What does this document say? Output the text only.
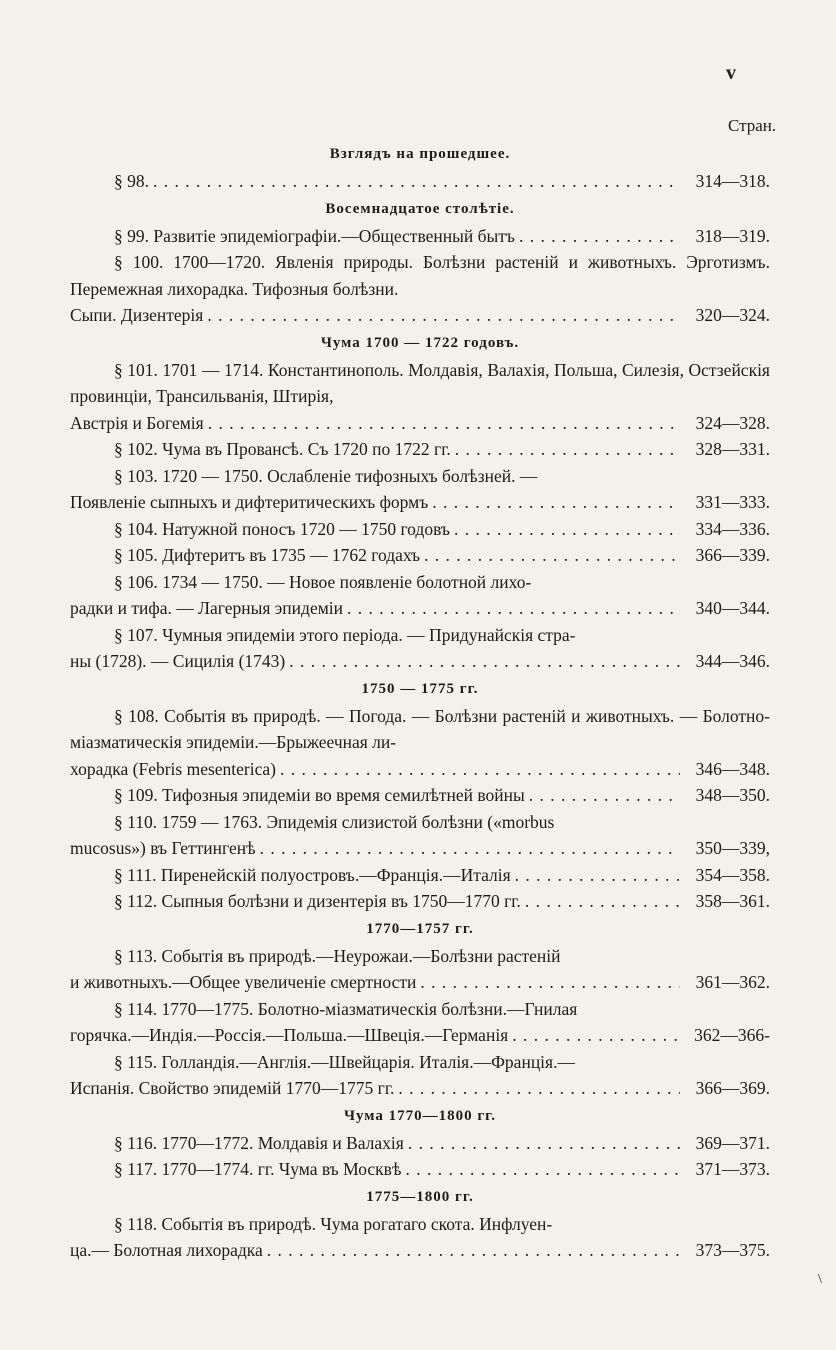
v
Стран.
Взглядъ на прошедшее.
§ 98. . . .	314—318.
Восемнадцатое столѣтіе.
§ 99. Развитіе эпидеміографіи.—Общественный бытъ . . .	318—319.
§ 100. 1700—1720. Явленія природы. Болѣзни растеній и животныхъ. Эрготизмъ. Перемежная лихорадка. Тифозныя болѣзни.
Сыпи. Дизентерія . . .	320—324.
Чума 1700 — 1722 годовъ.
§ 101. 1701 — 1714. Константинополь. Молдавія, Валахія, Польша, Силезія, Остзейскія провинціи, Трансильванія, Штирія,
Австрія и Богемія . . .	324—328.
§ 102. Чума въ Провансѣ. Съ 1720 по 1722 гг. . . .	328—331.
§ 103. 1720 — 1750. Ослабленіе тифозныхъ болѣзней. —
Появленіе сыпныхъ и дифтеритическихъ формъ . . .	331—333.
§ 104. Натужной поносъ 1720 — 1750 годовъ . . .	334—336.
§ 105. Дифтеритъ въ 1735 — 1762 годахъ . . .	366—339.
§ 106. 1734 — 1750. — Новое появленіе болотной лихо-
радки и тифа. — Лагерныя эпидеміи . . .	340—344.
§ 107. Чумныя эпидеміи этого періода. — Придунайскія стра-
ны (1728). — Сицилія (1743) . . .	344—346.
1750 — 1775 гг.
§ 108. Событія въ природѣ. — Погода. — Болѣзни растеній и животныхъ. — Болотно-міазматическія эпидеміи.—Брыжеечная ли-
хорадка (Febris mesenterica) . . .	346—348.
§ 109. Тифозныя эпидеміи во время семилѣтней войны . . .	348—350.
§ 110. 1759 — 1763. Эпидемія слизистой болѣзни («morbus
mucosus») въ Геттингенѣ . . .	350—339,
§ 111. Пиренейскій полуостровъ.—Франція.—Италія . . .	354—358.
§ 112. Сыпныя болѣзни и дизентерія въ 1750—1770 гг. . . .	358—361.
1770—1757 гг.
§ 113. Событія въ природѣ.—Неурожаи.—Болѣзни растеній
и животныхъ.—Общее увеличеніе смертности . . .	361—362.
§ 114. 1770—1775. Болотно-міазматическія болѣзни.—Гнилая
горячка.—Индія.—Россія.—Польша.—Швеція.—Германія . . .	362—366-
§ 115. Голландія.—Англія.—Швейцарія. Италія.—Франція.—
Испанія. Свойство эпидемій 1770—1775 гг. . . .	366—369.
Чума 1770—1800 гг.
§ 116. 1770—1772. Молдавія и Валахія . . .	369—371.
§ 117. 1770—1774. гг. Чума въ Москвѣ . . .	371—373.
1775—1800 гг.
§ 118. Событія въ природѣ. Чума рогатаго скота. Инфлуен-
ца.— Болотная лихорадка . . .	373—375.
\
